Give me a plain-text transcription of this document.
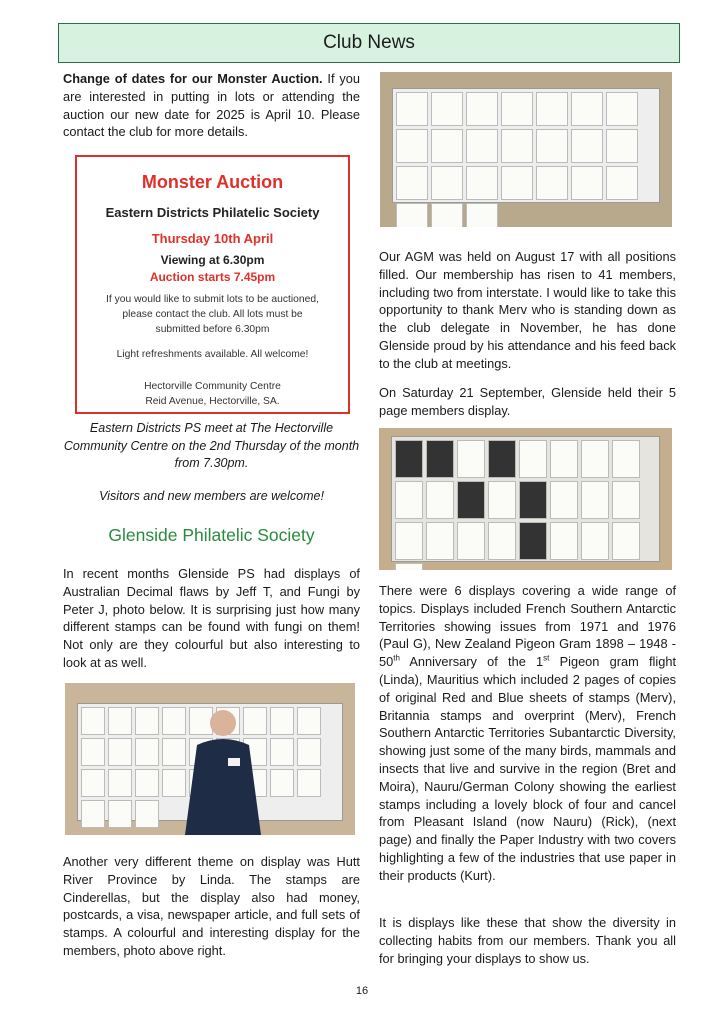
Club News

Change of dates for our Monster Auction. If you are interested in putting in lots or attending the auction our new date for 2025 is April 10. Please contact the club for more details.

Monster Auction
Eastern Districts Philatelic Society
Thursday 10th April
Viewing at 6.30pm
Auction starts 7.45pm
If you would like to submit lots to be auctioned, please contact the club. All lots must be submitted before 6.30pm
Light refreshments available. All welcome!
Hectorville Community Centre
Reid Avenue, Hectorville, SA.
Eastern Districts PS meet at The Hectorville Community Centre on the 2nd Thursday of the month from 7.30pm.
Visitors and new members are welcome!
Glenside Philatelic Society

In recent months Glenside PS had displays of Australian Decimal flaws by Jeff T, and Fungi by Peter J, photo below. It is surprising just how many different stamps can be found with fungi on them! Not only are they colourful but also interesting to look at as well.

Another very different theme on display was Hutt River Province by Linda. The stamps are Cinderellas, but the display also had money, postcards, a visa, newspaper article, and full sets of stamps. A colourful and interesting display for the members, photo above right.

Our AGM was held on August 17 with all positions filled. Our membership has risen to 41 members, including two from interstate. I would like to take this opportunity to thank Merv who is standing down as the club delegate in November, he has done Glenside proud by his attendance and his feed back to the club at meetings.

On Saturday 21 September, Glenside held their 5 page members display.

There were 6 displays covering a wide range of topics. Displays included French Southern Antarctic Territories showing issues from 1971 and 1976 (Paul G), New Zealand Pigeon Gram 1898 – 1948 - 50th Anniversary of the 1st Pigeon gram flight (Linda), Mauritius which included 2 pages of copies of original Red and Blue sheets of stamps (Merv), Britannia stamps and overprint (Merv), French Southern Antarctic Territories Subantarctic Diversity, showing just some of the many birds, mammals and insects that live and survive in the region (Bret and Moira), Nauru/German Colony showing the earliest stamps including a lovely block of four and cancel from Pleasant Island (now Nauru) (Rick), (next page) and finally the Paper Industry with two covers highlighting a few of the industries that use paper in their products (Kurt).

It is displays like these that show the diversity in collecting habits from our members. Thank you all for bringing your displays to show us.

16
